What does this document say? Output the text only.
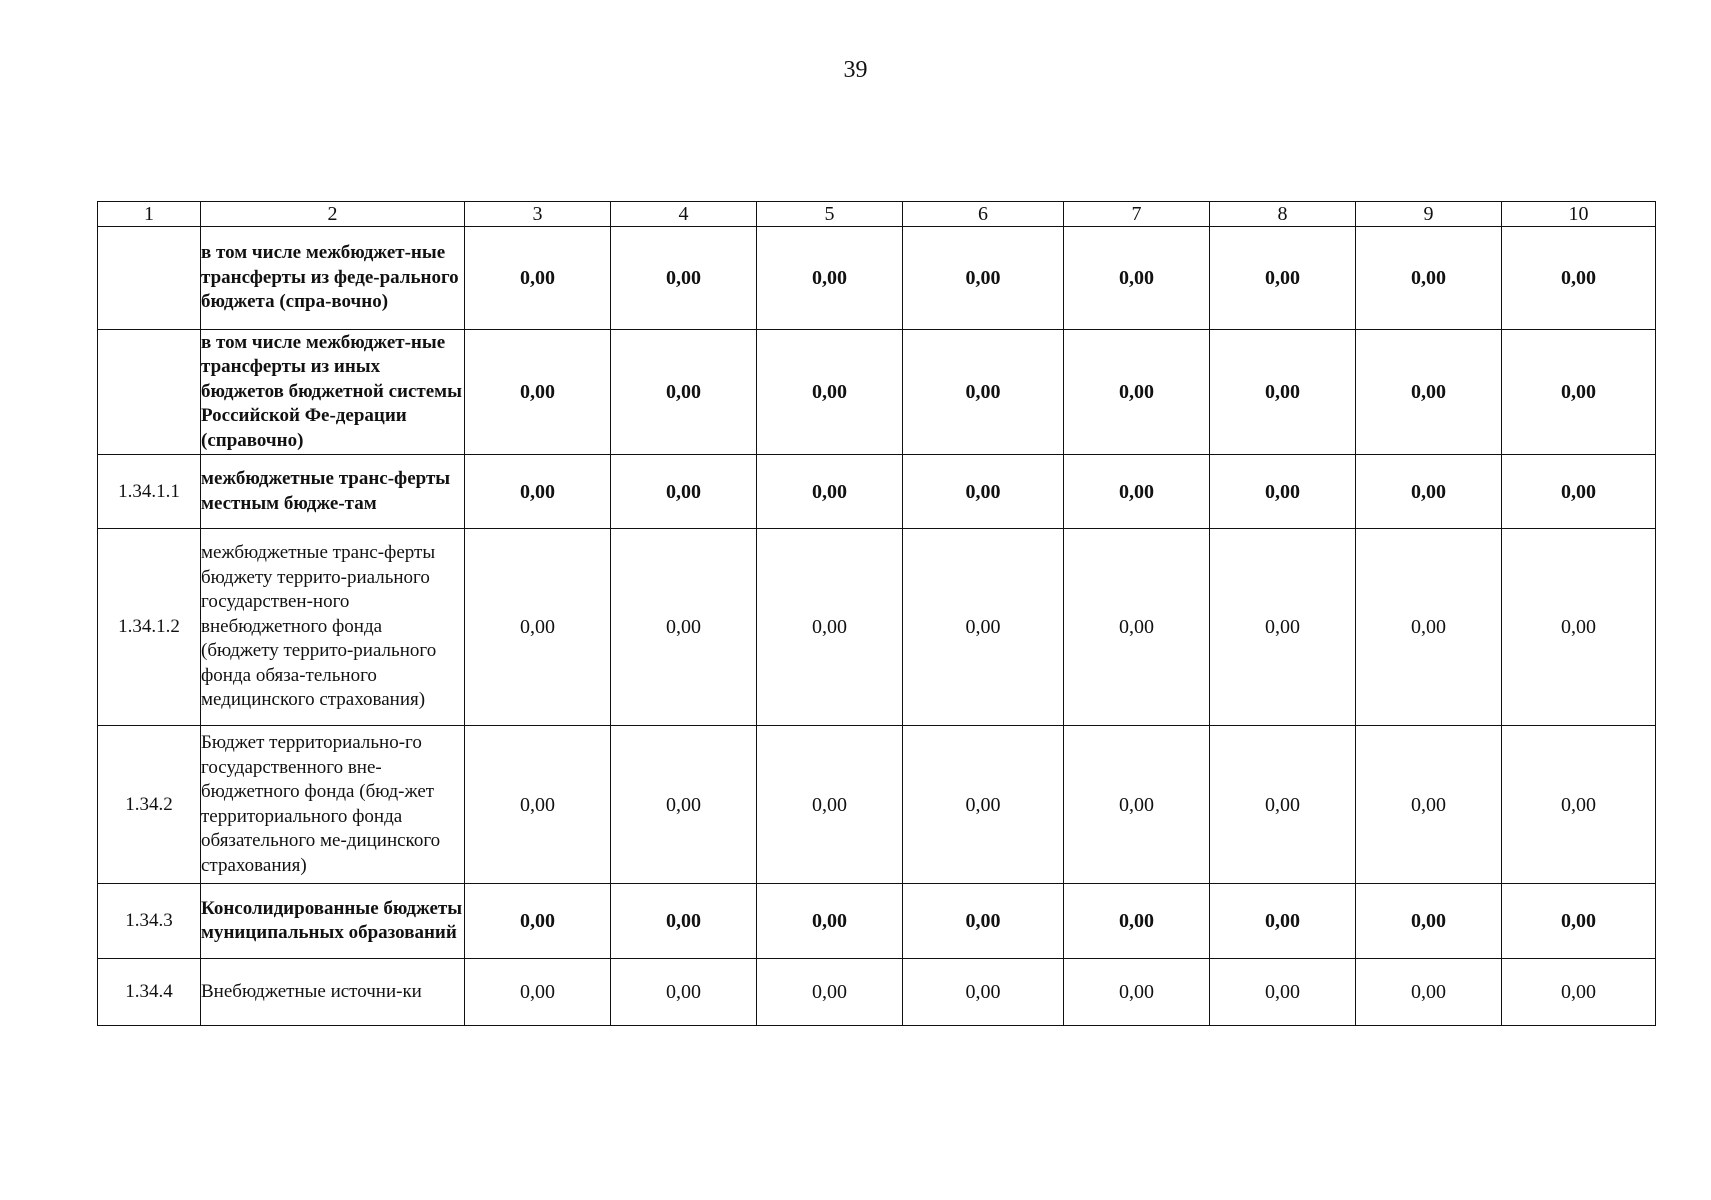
39
1	2	3	4	5	6	7	8	9	10
	в том числе межбюджет-ные трансферты из феде-рального бюджета (спра-вочно)	0,00	0,00	0,00	0,00	0,00	0,00	0,00	0,00
	в том числе межбюджет-ные трансферты из иных бюджетов бюджетной системы Российской Фе-дерации (справочно)	0,00	0,00	0,00	0,00	0,00	0,00	0,00	0,00
1.34.1.1	межбюджетные транс-ферты местным бюдже-там	0,00	0,00	0,00	0,00	0,00	0,00	0,00	0,00
1.34.1.2	межбюджетные транс-ферты бюджету террито-риального государствен-ного внебюджетного фонда (бюджету террито-риального фонда обяза-тельного медицинского страхования)	0,00	0,00	0,00	0,00	0,00	0,00	0,00	0,00
1.34.2	Бюджет территориально-го государственного вне-бюджетного фонда (бюд-жет территориального фонда обязательного ме-дицинского страхования)	0,00	0,00	0,00	0,00	0,00	0,00	0,00	0,00
1.34.3	Консолидированные бюджеты муниципальных образований	0,00	0,00	0,00	0,00	0,00	0,00	0,00	0,00
1.34.4	Внебюджетные источни-ки	0,00	0,00	0,00	0,00	0,00	0,00	0,00	0,00
